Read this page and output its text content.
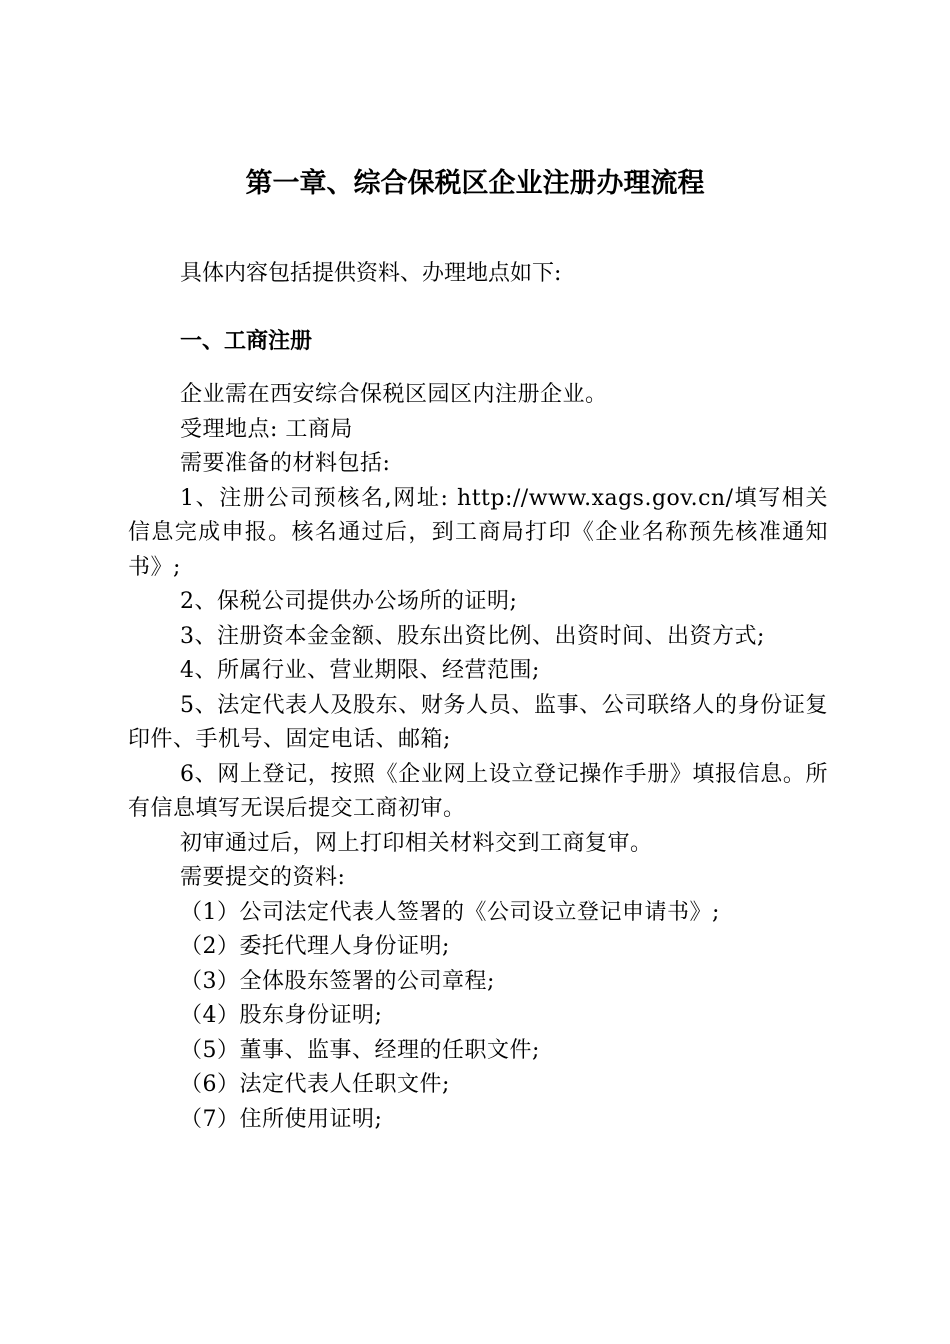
第一章、综合保税区企业注册办理流程
具体内容包括提供资料、办理地点如下:
一、工商注册

企业需在西安综合保税区园区内注册企业。

受理地点: 工商局

需要准备的材料包括:

1、注册公司预核名,网址: http://www.xags.gov.cn/填写相关信息完成申报。核名通过后，到工商局打印《企业名称预先核准通知书》;

2、保税公司提供办公场所的证明;

3、注册资本金金额、股东出资比例、出资时间、出资方式;

4、所属行业、营业期限、经营范围;

5、法定代表人及股东、财务人员、监事、公司联络人的身份证复印件、手机号、固定电话、邮箱;

6、网上登记，按照《企业网上设立登记操作手册》填报信息。所有信息填写无误后提交工商初审。

初审通过后，网上打印相关材料交到工商复审。

需要提交的资料:

（1）公司法定代表人签署的《公司设立登记申请书》;

（2）委托代理人身份证明;

（3）全体股东签署的公司章程;

（4）股东身份证明;

（5）董事、监事、经理的任职文件;

（6）法定代表人任职文件;

（7）住所使用证明;
